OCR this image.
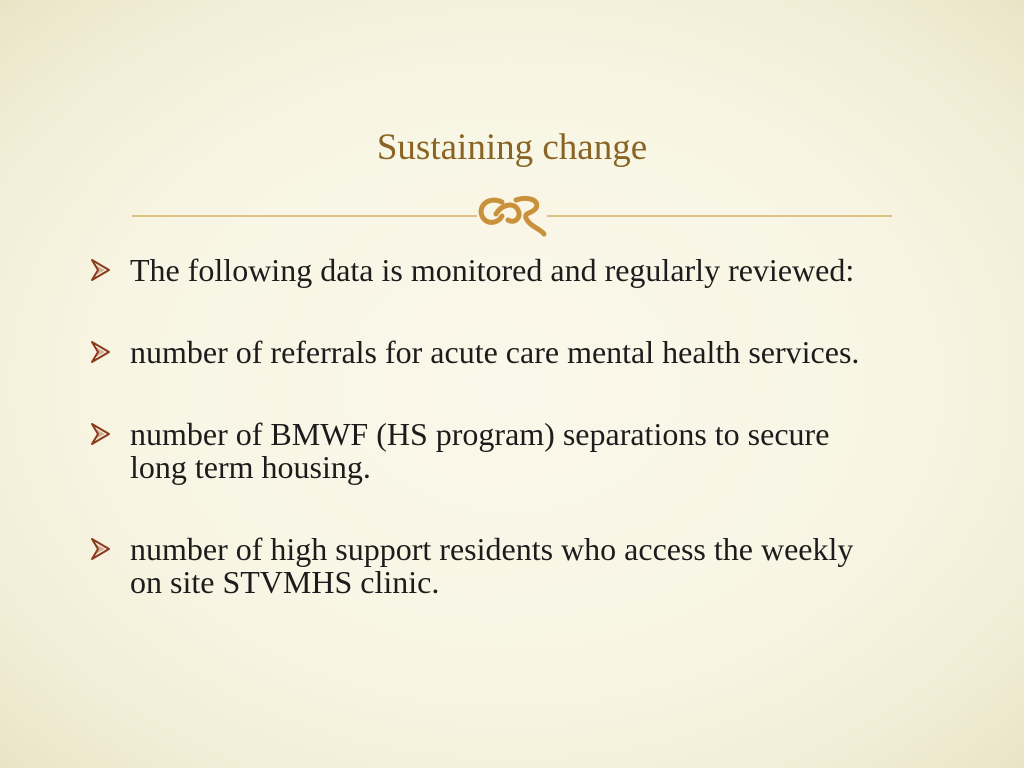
Sustaining change
The following data is monitored and regularly reviewed:
number of referrals for acute care mental health services.
number of BMWF (HS program) separations to secure long term housing.
number of high support residents who access the weekly on site STVMHS clinic.
